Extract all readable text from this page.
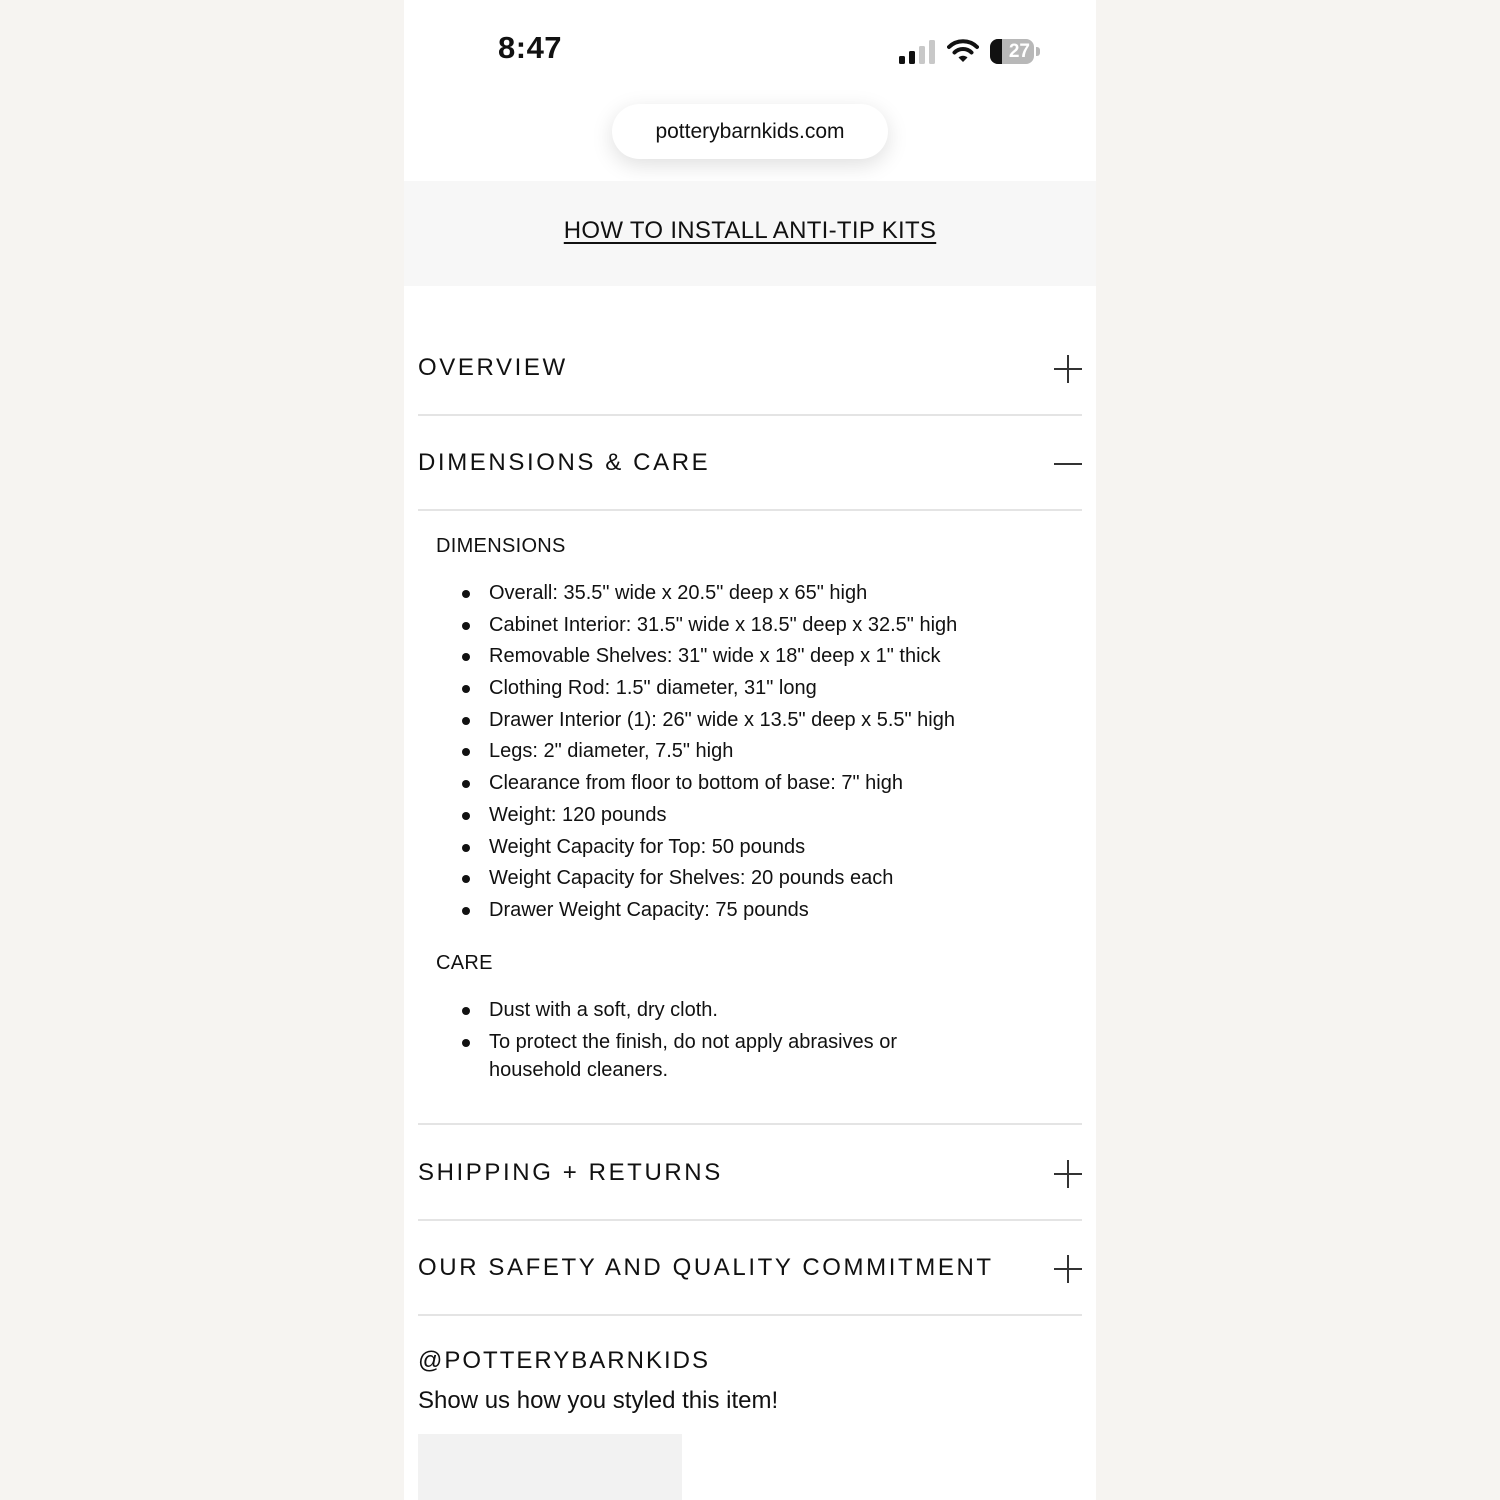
8:47	27
potterybarnkids.com
HOW TO INSTALL ANTI-TIP KITS
OVERVIEW
DIMENSIONS & CARE
DIMENSIONS
Overall: 35.5" wide x 20.5" deep x 65" high
Cabinet Interior: 31.5" wide x 18.5" deep x 32.5" high
Removable Shelves: 31" wide x 18" deep x 1" thick
Clothing Rod: 1.5" diameter, 31" long
Drawer Interior (1): 26" wide x 13.5" deep x 5.5" high
Legs: 2" diameter, 7.5" high
Clearance from floor to bottom of base: 7" high
Weight: 120 pounds
Weight Capacity for Top: 50 pounds
Weight Capacity for Shelves: 20 pounds each
Drawer Weight Capacity: 75 pounds
CARE
Dust with a soft, dry cloth.
To protect the finish, do not apply abrasives or household cleaners.
SHIPPING + RETURNS
OUR SAFETY AND QUALITY COMMITMENT
@POTTERYBARNKIDS
Show us how you styled this item!
